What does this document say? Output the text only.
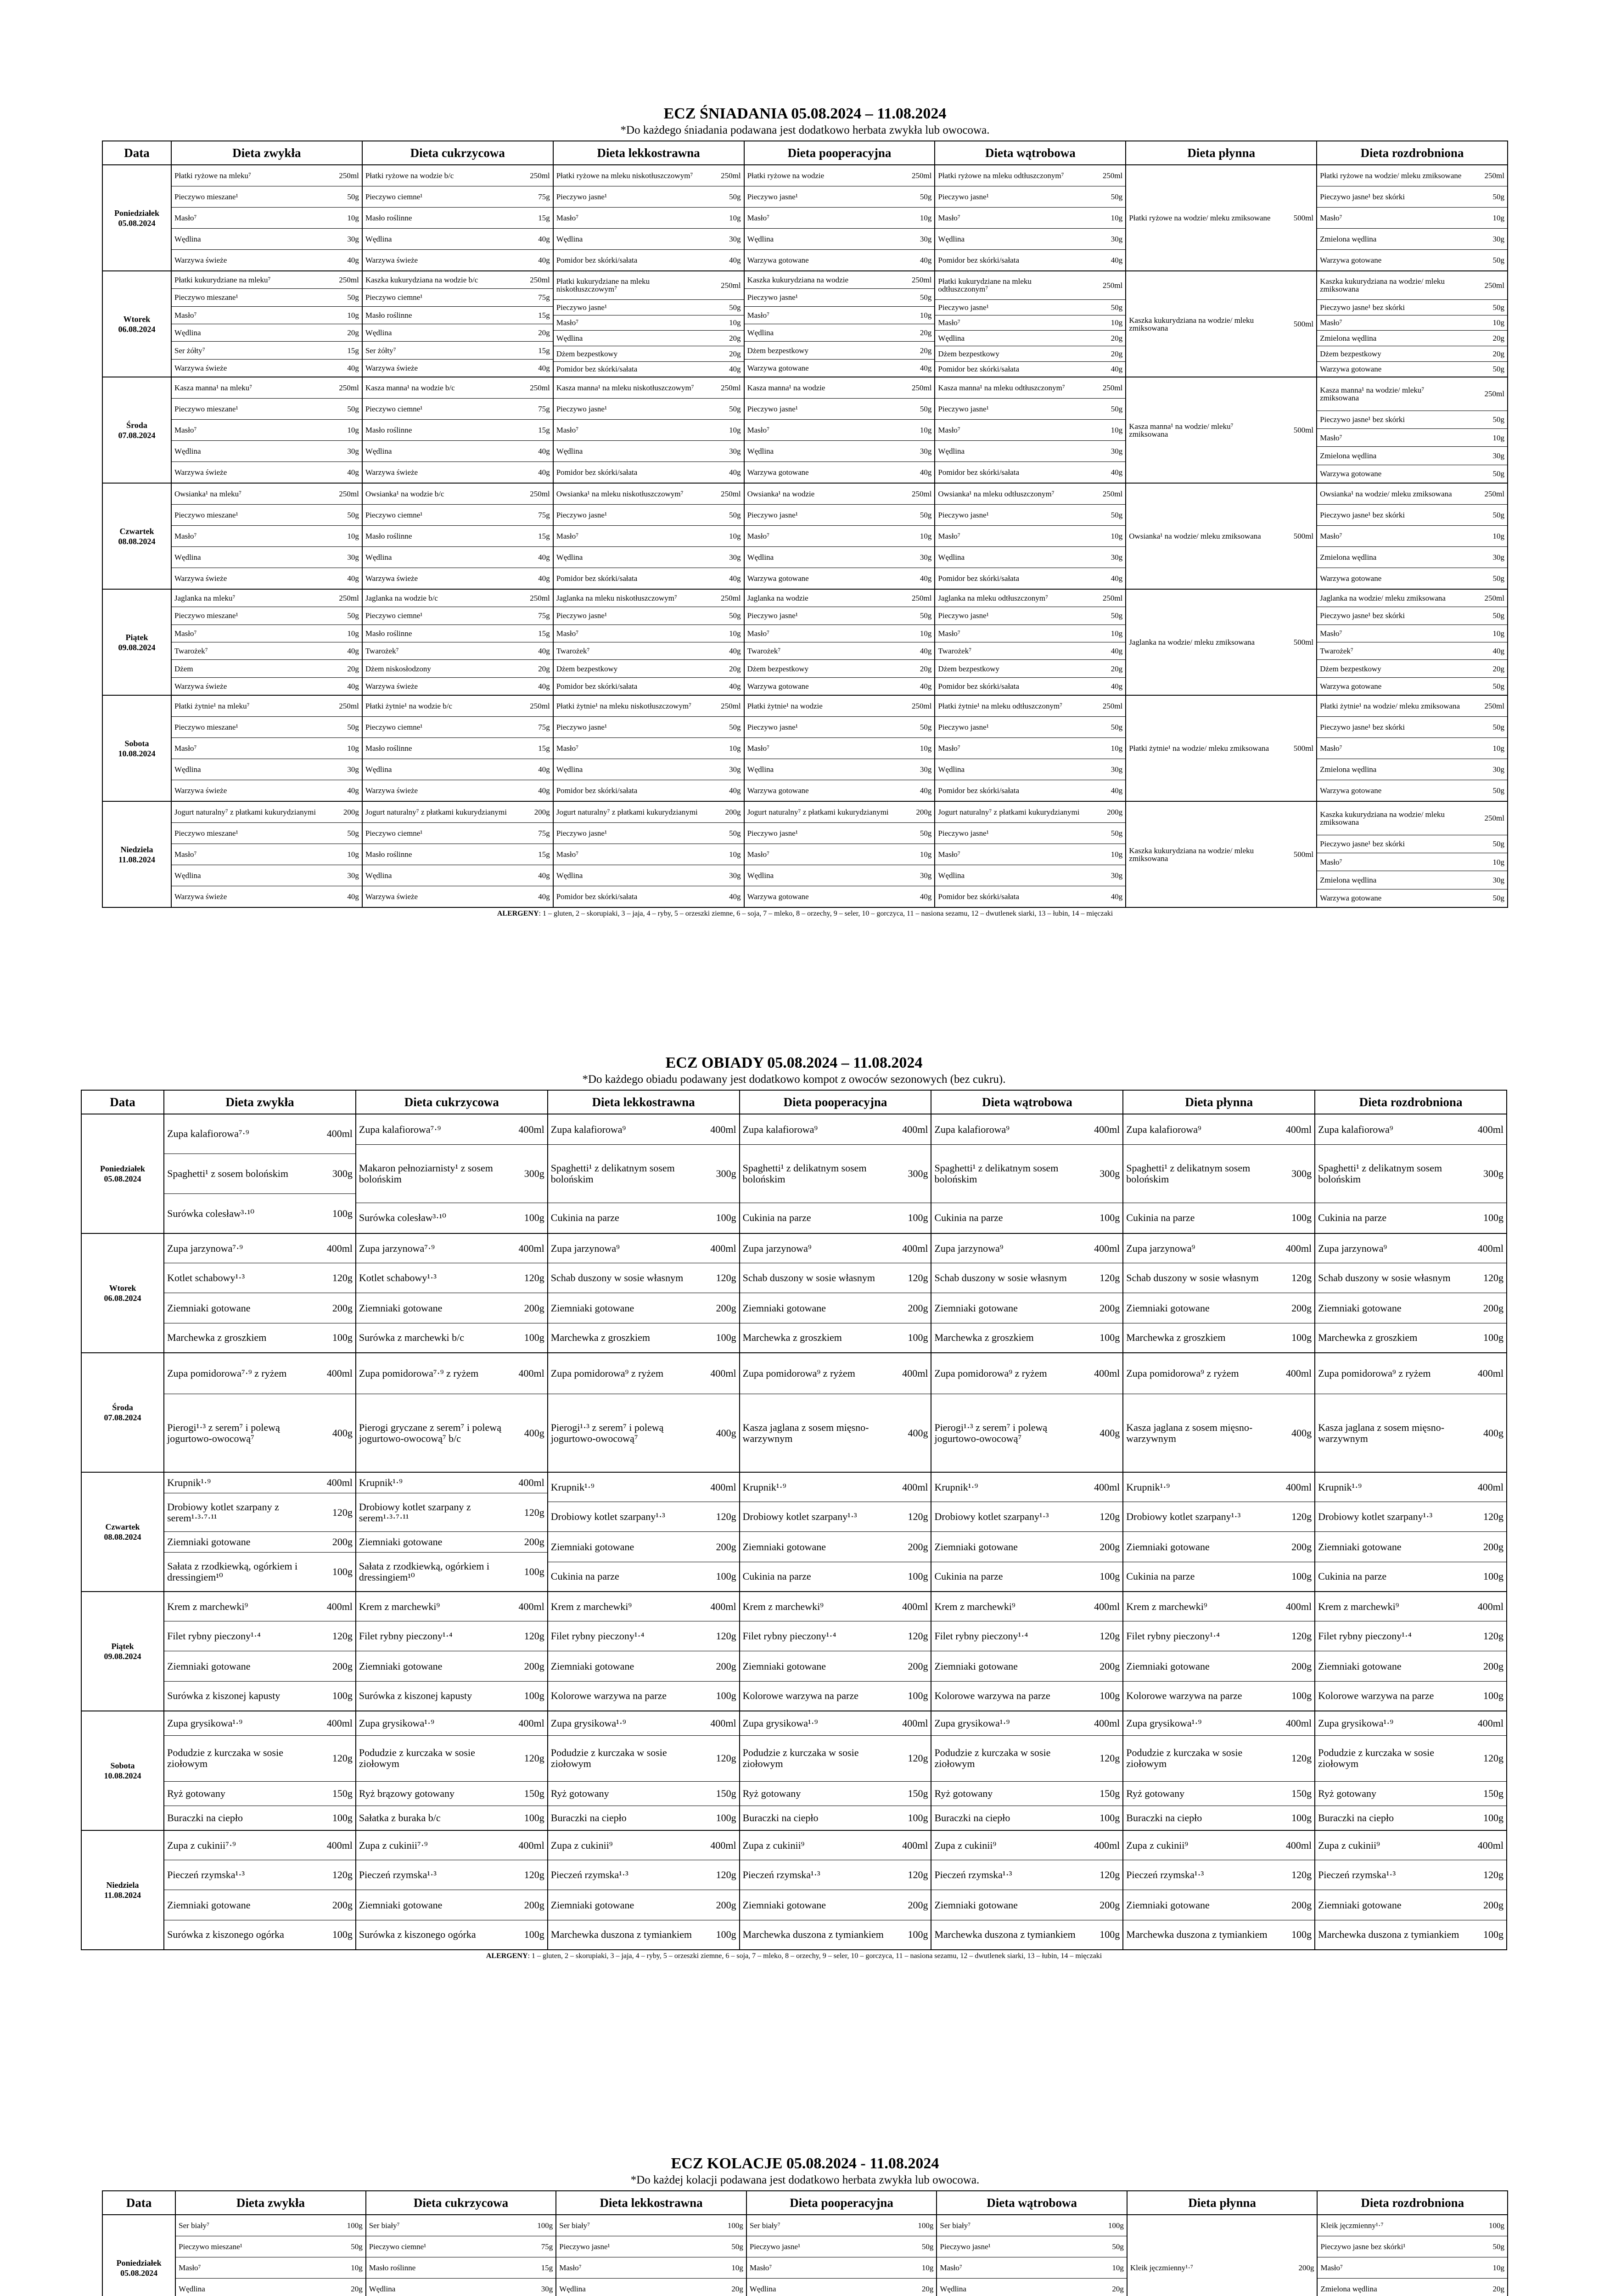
ECZ ŚNIADANIA 05.08.2024 – 11.08.2024

*Do każdego śniadania podawana jest dodatkowo herbata zwykła lub owocowa.

Data	Dieta zwykła	Dieta cukrzycowa	Dieta lekkostrawna	Dieta pooperacyjna	Dieta wątrobowa	Dieta płynna	Dieta rozdrobniona

Poniedziałek
05.08.2024

Płatki ryżowe na mleku⁷	250ml
Pieczywo mieszane¹	50g
Masło⁷	10g
Wędlina	30g
Warzywa świeże	40g

Płatki ryżowe na wodzie b/c	250ml
Pieczywo ciemne¹	75g
Masło roślinne	15g
Wędlina	40g
Warzywa świeże	40g

Płatki ryżowe na mleku niskotłuszczowym⁷	250ml
Pieczywo jasne¹	50g
Masło⁷	10g
Wędlina	30g
Pomidor bez skórki/sałata	40g

Płatki ryżowe na wodzie	250ml
Pieczywo jasne¹	50g
Masło⁷	10g
Wędlina	30g
Warzywa gotowane	40g

Płatki ryżowe na mleku odtłuszczonym⁷	250ml
Pieczywo jasne¹	50g
Masło⁷	10g
Wędlina	30g
Pomidor bez skórki/sałata	40g

Płatki ryżowe na wodzie/ mleku zmiksowane	500ml

Płatki ryżowe na wodzie/ mleku zmiksowane	250ml
Pieczywo jasne¹ bez skórki	50g
Masło⁷	10g
Zmielona wędlina	30g
Warzywa gotowane	50g

Wtorek
06.08.2024

Płatki kukurydziane na mleku⁷	250ml
Pieczywo mieszane¹	50g
Masło⁷	10g
Wędlina	20g
Ser żółty⁷	15g
Warzywa świeże	40g

Kaszka kukurydziana na wodzie b/c	250ml
Pieczywo ciemne¹	75g
Masło roślinne	15g
Wędlina	20g
Ser żółty⁷	15g
Warzywa świeże	40g

Płatki kukurydziane na mleku niskotłuszczowym⁷	250ml
Pieczywo jasne¹	50g
Masło⁷	10g
Wędlina	20g
Dżem bezpestkowy	20g
Pomidor bez skórki/sałata	40g

Kaszka kukurydziana na wodzie	250ml
Pieczywo jasne¹	50g
Masło⁷	10g
Wędlina	20g
Dżem bezpestkowy	20g
Warzywa gotowane	40g

Płatki kukurydziane na mleku odtłuszczonym⁷	250ml
Pieczywo jasne¹	50g
Masło⁷	10g
Wędlina	20g
Dżem bezpestkowy	20g
Pomidor bez skórki/sałata	40g

Kaszka kukurydziana na wodzie/ mleku zmiksowana	500ml

Kaszka kukurydziana na wodzie/ mleku zmiksowana	250ml
Pieczywo jasne¹ bez skórki	50g
Masło⁷	10g
Zmielona wędlina	20g
Dżem bezpestkowy	20g
Warzywa gotowane	50g

Środa
07.08.2024

Kasza manna¹ na mleku⁷	250ml
Pieczywo mieszane¹	50g
Masło⁷	10g
Wędlina	30g
Warzywa świeże	40g

Kasza manna¹ na wodzie b/c	250ml
Pieczywo ciemne¹	75g
Masło roślinne	15g
Wędlina	40g
Warzywa świeże	40g

Kasza manna¹ na mleku niskotłuszczowym⁷	250ml
Pieczywo jasne¹	50g
Masło⁷	10g
Wędlina	30g
Pomidor bez skórki/sałata	40g

Kasza manna¹ na wodzie	250ml
Pieczywo jasne¹	50g
Masło⁷	10g
Wędlina	30g
Warzywa gotowane	40g

Kasza manna¹ na mleku odtłuszczonym⁷	250ml
Pieczywo jasne¹	50g
Masło⁷	10g
Wędlina	30g
Pomidor bez skórki/sałata	40g

Kasza manna¹ na wodzie/ mleku⁷ zmiksowana	500ml

Kasza manna¹ na wodzie/ mleku⁷ zmiksowana	250ml
Pieczywo jasne¹ bez skórki	50g
Masło⁷	10g
Zmielona wędlina	30g
Warzywa gotowane	50g

Czwartek
08.08.2024

Owsianka¹ na mleku⁷	250ml
Pieczywo mieszane¹	50g
Masło⁷	10g
Wędlina	30g
Warzywa świeże	40g

Owsianka¹ na wodzie b/c	250ml
Pieczywo ciemne¹	75g
Masło roślinne	15g
Wędlina	40g
Warzywa świeże	40g

Owsianka¹ na mleku niskotłuszczowym⁷	250ml
Pieczywo jasne¹	50g
Masło⁷	10g
Wędlina	30g
Pomidor bez skórki/sałata	40g

Owsianka¹ na wodzie	250ml
Pieczywo jasne¹	50g
Masło⁷	10g
Wędlina	30g
Warzywa gotowane	40g

Owsianka¹ na mleku odtłuszczonym⁷	250ml
Pieczywo jasne¹	50g
Masło⁷	10g
Wędlina	30g
Pomidor bez skórki/sałata	40g

Owsianka¹ na wodzie/ mleku zmiksowana	500ml

Owsianka¹ na wodzie/ mleku zmiksowana	250ml
Pieczywo jasne¹ bez skórki	50g
Masło⁷	10g
Zmielona wędlina	30g
Warzywa gotowane	50g

Piątek
09.08.2024

Jaglanka na mleku⁷	250ml
Pieczywo mieszane¹	50g
Masło⁷	10g
Twarożek⁷	40g
Dżem	20g
Warzywa świeże	40g

Jaglanka na wodzie b/c	250ml
Pieczywo ciemne¹	75g
Masło roślinne	15g
Twarożek⁷	40g
Dżem niskosłodzony	20g
Warzywa świeże	40g

Jaglanka na mleku niskotłuszczowym⁷	250ml
Pieczywo jasne¹	50g
Masło⁷	10g
Twarożek⁷	40g
Dżem bezpestkowy	20g
Pomidor bez skórki/sałata	40g

Jaglanka na wodzie	250ml
Pieczywo jasne¹	50g
Masło⁷	10g
Twarożek⁷	40g
Dżem bezpestkowy	20g
Warzywa gotowane	40g

Jaglanka na mleku odtłuszczonym⁷	250ml
Pieczywo jasne¹	50g
Masło⁷	10g
Twarożek⁷	40g
Dżem bezpestkowy	20g
Pomidor bez skórki/sałata	40g

Jaglanka na wodzie/ mleku zmiksowana	500ml

Jaglanka na wodzie/ mleku zmiksowana	250ml
Pieczywo jasne¹ bez skórki	50g
Masło⁷	10g
Twarożek⁷	40g
Dżem bezpestkowy	20g
Warzywa gotowane	50g

Sobota
10.08.2024

Płatki żytnie¹ na mleku⁷	250ml
Pieczywo mieszane¹	50g
Masło⁷	10g
Wędlina	30g
Warzywa świeże	40g

Płatki żytnie¹ na wodzie b/c	250ml
Pieczywo ciemne¹	75g
Masło roślinne	15g
Wędlina	40g
Warzywa świeże	40g

Płatki żytnie¹ na mleku niskotłuszczowym⁷	250ml
Pieczywo jasne¹	50g
Masło⁷	10g
Wędlina	30g
Pomidor bez skórki/sałata	40g

Płatki żytnie¹ na wodzie	250ml
Pieczywo jasne¹	50g
Masło⁷	10g
Wędlina	30g
Warzywa gotowane	40g

Płatki żytnie¹ na mleku odtłuszczonym⁷	250ml
Pieczywo jasne¹	50g
Masło⁷	10g
Wędlina	30g
Pomidor bez skórki/sałata	40g

Płatki żytnie¹ na wodzie/ mleku zmiksowana	500ml

Płatki żytnie¹ na wodzie/ mleku zmiksowana	250ml
Pieczywo jasne¹ bez skórki	50g
Masło⁷	10g
Zmielona wędlina	30g
Warzywa gotowane	50g

Niedziela
11.08.2024

Jogurt naturalny⁷ z płatkami kukurydzianymi	200g
Pieczywo mieszane¹	50g
Masło⁷	10g
Wędlina	30g
Warzywa świeże	40g

Jogurt naturalny⁷ z płatkami kukurydzianymi	200g
Pieczywo ciemne¹	75g
Masło roślinne	15g
Wędlina	40g
Warzywa świeże	40g

Jogurt naturalny⁷ z płatkami kukurydzianymi	200g
Pieczywo jasne¹	50g
Masło⁷	10g
Wędlina	30g
Pomidor bez skórki/sałata	40g

Jogurt naturalny⁷ z płatkami kukurydzianymi	200g
Pieczywo jasne¹	50g
Masło⁷	10g
Wędlina	30g
Warzywa gotowane	40g

Jogurt naturalny⁷ z płatkami kukurydzianymi	200g
Pieczywo jasne¹	50g
Masło⁷	10g
Wędlina	30g
Pomidor bez skórki/sałata	40g

Kaszka kukurydziana na wodzie/ mleku zmiksowana	500ml

Kaszka kukurydziana na wodzie/ mleku zmiksowana	250ml
Pieczywo jasne¹ bez skórki	50g
Masło⁷	10g
Zmielona wędlina	30g
Warzywa gotowane	50g
ALERGENY: 1 – gluten, 2 – skorupiaki, 3 – jaja, 4 – ryby, 5 – orzeszki ziemne, 6 – soja, 7 – mleko, 8 – orzechy, 9 – seler, 10 – gorczyca, 11 – nasiona sezamu, 12 – dwutlenek siarki, 13 – łubin, 14 – mięczaki

ECZ OBIADY 05.08.2024 – 11.08.2024

*Do każdego obiadu podawany jest dodatkowo kompot z owoców sezonowych (bez cukru).

Data	Dieta zwykła	Dieta cukrzycowa	Dieta lekkostrawna	Dieta pooperacyjna	Dieta wątrobowa	Dieta płynna	Dieta rozdrobniona

Poniedziałek
05.08.2024

Zupa kalafiorowa⁷·⁹	400ml
Spaghetti¹ z sosem bolońskim	300g
Surówka colesław³·¹⁰	100g

Zupa kalafiorowa⁷·⁹	400ml
Makaron pełnoziarnisty¹ z sosem bolońskim	300g
Surówka colesław³·¹⁰	100g

Zupa kalafiorowa⁹	400ml
Spaghetti¹ z delikatnym sosem bolońskim	300g
Cukinia na parze	100g

Zupa kalafiorowa⁹	400ml
Spaghetti¹ z delikatnym sosem bolońskim	300g
Cukinia na parze	100g

Zupa kalafiorowa⁹	400ml
Spaghetti¹ z delikatnym sosem bolońskim	300g
Cukinia na parze	100g

Zupa kalafiorowa⁹	400ml
Spaghetti¹ z delikatnym sosem bolońskim	300g
Cukinia na parze	100g

Zupa kalafiorowa⁹	400ml
Spaghetti¹ z delikatnym sosem bolońskim	300g
Cukinia na parze	100g

Wtorek
06.08.2024

Zupa jarzynowa⁷·⁹	400ml
Kotlet schabowy¹·³	120g
Ziemniaki gotowane	200g
Marchewka z groszkiem	100g

Zupa jarzynowa⁷·⁹	400ml
Kotlet schabowy¹·³	120g
Ziemniaki gotowane	200g
Surówka z marchewki b/c	100g

Zupa jarzynowa⁹	400ml
Schab duszony w sosie własnym	120g
Ziemniaki gotowane	200g
Marchewka z groszkiem	100g

Zupa jarzynowa⁹	400ml
Schab duszony w sosie własnym	120g
Ziemniaki gotowane	200g
Marchewka z groszkiem	100g

Zupa jarzynowa⁹	400ml
Schab duszony w sosie własnym	120g
Ziemniaki gotowane	200g
Marchewka z groszkiem	100g

Zupa jarzynowa⁹	400ml
Schab duszony w sosie własnym	120g
Ziemniaki gotowane	200g
Marchewka z groszkiem	100g

Zupa jarzynowa⁹	400ml
Schab duszony w sosie własnym	120g
Ziemniaki gotowane	200g
Marchewka z groszkiem	100g

Środa
07.08.2024

Zupa pomidorowa⁷·⁹ z ryżem	400ml
Pierogi¹·³ z serem⁷ i polewą jogurtowo-owocową⁷	400g

Zupa pomidorowa⁷·⁹ z ryżem	400ml
Pierogi gryczane z serem⁷ i polewą jogurtowo-owocową⁷ b/c	400g

Zupa pomidorowa⁹ z ryżem	400ml
Pierogi¹·³ z serem⁷ i polewą jogurtowo-owocową⁷	400g

Zupa pomidorowa⁹ z ryżem	400ml
Kasza jaglana z sosem mięsno-warzywnym	400g

Zupa pomidorowa⁹ z ryżem	400ml
Pierogi¹·³ z serem⁷ i polewą jogurtowo-owocową⁷	400g

Zupa pomidorowa⁹ z ryżem	400ml
Kasza jaglana z sosem mięsno-warzywnym	400g

Zupa pomidorowa⁹ z ryżem	400ml
Kasza jaglana z sosem mięsno-warzywnym	400g

Czwartek
08.08.2024

Krupnik¹·⁹	400ml
Drobiowy kotlet szarpany z serem¹·³·⁷·¹¹	120g
Ziemniaki gotowane	200g
Sałata z rzodkiewką, ogórkiem i dressingiem¹⁰	100g

Krupnik¹·⁹	400ml
Drobiowy kotlet szarpany z serem¹·³·⁷·¹¹	120g
Ziemniaki gotowane	200g
Sałata z rzodkiewką, ogórkiem i dressingiem¹⁰	100g

Krupnik¹·⁹	400ml
Drobiowy kotlet szarpany¹·³	120g
Ziemniaki gotowane	200g
Cukinia na parze	100g

Krupnik¹·⁹	400ml
Drobiowy kotlet szarpany¹·³	120g
Ziemniaki gotowane	200g
Cukinia na parze	100g

Krupnik¹·⁹	400ml
Drobiowy kotlet szarpany¹·³	120g
Ziemniaki gotowane	200g
Cukinia na parze	100g

Krupnik¹·⁹	400ml
Drobiowy kotlet szarpany¹·³	120g
Ziemniaki gotowane	200g
Cukinia na parze	100g

Krupnik¹·⁹	400ml
Drobiowy kotlet szarpany¹·³	120g
Ziemniaki gotowane	200g
Cukinia na parze	100g

Piątek
09.08.2024

Krem z marchewki⁹	400ml
Filet rybny pieczony¹·⁴	120g
Ziemniaki gotowane	200g
Surówka z kiszonej kapusty	100g

Krem z marchewki⁹	400ml
Filet rybny pieczony¹·⁴	120g
Ziemniaki gotowane	200g
Surówka z kiszonej kapusty	100g

Krem z marchewki⁹	400ml
Filet rybny pieczony¹·⁴	120g
Ziemniaki gotowane	200g
Kolorowe warzywa na parze	100g

Krem z marchewki⁹	400ml
Filet rybny pieczony¹·⁴	120g
Ziemniaki gotowane	200g
Kolorowe warzywa na parze	100g

Krem z marchewki⁹	400ml
Filet rybny pieczony¹·⁴	120g
Ziemniaki gotowane	200g
Kolorowe warzywa na parze	100g

Krem z marchewki⁹	400ml
Filet rybny pieczony¹·⁴	120g
Ziemniaki gotowane	200g
Kolorowe warzywa na parze	100g

Krem z marchewki⁹	400ml
Filet rybny pieczony¹·⁴	120g
Ziemniaki gotowane	200g
Kolorowe warzywa na parze	100g

Sobota
10.08.2024

Zupa grysikowa¹·⁹	400ml
Podudzie z kurczaka w sosie ziołowym	120g
Ryż gotowany	150g
Buraczki na ciepło	100g

Zupa grysikowa¹·⁹	400ml
Podudzie z kurczaka w sosie ziołowym	120g
Ryż brązowy gotowany	150g
Sałatka z buraka b/c	100g

Zupa grysikowa¹·⁹	400ml
Podudzie z kurczaka w sosie ziołowym	120g
Ryż gotowany	150g
Buraczki na ciepło	100g

Zupa grysikowa¹·⁹	400ml
Podudzie z kurczaka w sosie ziołowym	120g
Ryż gotowany	150g
Buraczki na ciepło	100g

Zupa grysikowa¹·⁹	400ml
Podudzie z kurczaka w sosie ziołowym	120g
Ryż gotowany	150g
Buraczki na ciepło	100g

Zupa grysikowa¹·⁹	400ml
Podudzie z kurczaka w sosie ziołowym	120g
Ryż gotowany	150g
Buraczki na ciepło	100g

Zupa grysikowa¹·⁹	400ml
Podudzie z kurczaka w sosie ziołowym	120g
Ryż gotowany	150g
Buraczki na ciepło	100g

Niedziela
11.08.2024

Zupa z cukinii⁷·⁹	400ml
Pieczeń rzymska¹·³	120g
Ziemniaki gotowane	200g
Surówka z kiszonego ogórka	100g

Zupa z cukinii⁷·⁹	400ml
Pieczeń rzymska¹·³	120g
Ziemniaki gotowane	200g
Surówka z kiszonego ogórka	100g

Zupa z cukinii⁹	400ml
Pieczeń rzymska¹·³	120g
Ziemniaki gotowane	200g
Marchewka duszona z tymiankiem	100g

Zupa z cukinii⁹	400ml
Pieczeń rzymska¹·³	120g
Ziemniaki gotowane	200g
Marchewka duszona z tymiankiem	100g

Zupa z cukinii⁹	400ml
Pieczeń rzymska¹·³	120g
Ziemniaki gotowane	200g
Marchewka duszona z tymiankiem	100g

Zupa z cukinii⁹	400ml
Pieczeń rzymska¹·³	120g
Ziemniaki gotowane	200g
Marchewka duszona z tymiankiem	100g

Zupa z cukinii⁹	400ml
Pieczeń rzymska¹·³	120g
Ziemniaki gotowane	200g
Marchewka duszona z tymiankiem	100g
ALERGENY: 1 – gluten, 2 – skorupiaki, 3 – jaja, 4 – ryby, 5 – orzeszki ziemne, 6 – soja, 7 – mleko, 8 – orzechy, 9 – seler, 10 – gorczyca, 11 – nasiona sezamu, 12 – dwutlenek siarki, 13 – łubin, 14 – mięczaki

ECZ KOLACJE 05.08.2024 - 11.08.2024

*Do każdej kolacji podawana jest dodatkowo herbata zwykła lub owocowa.

Data	Dieta zwykła	Dieta cukrzycowa	Dieta lekkostrawna	Dieta pooperacyjna	Dieta wątrobowa	Dieta płynna	Dieta rozdrobniona

Poniedziałek
05.08.2024

Ser biały⁷	100g
Pieczywo mieszane¹	50g
Masło⁷	10g
Wędlina	20g

Ser biały⁷	100g
Pieczywo ciemne¹	75g
Masło roślinne	15g
Wędlina	30g

Ser biały⁷	100g
Pieczywo jasne¹	50g
Masło⁷	10g
Wędlina	20g

Ser biały⁷	100g
Pieczywo jasne¹	50g
Masło⁷	10g
Wędlina	20g

Ser biały⁷	100g
Pieczywo jasne¹	50g
Masło⁷	10g
Wędlina	20g

Kleik jęczmienny¹·⁷	200g

Kleik jęczmienny¹·⁷	100g
Pieczywo jasne bez skórki¹	50g
Masło⁷	10g
Zmielona wędlina	20g
